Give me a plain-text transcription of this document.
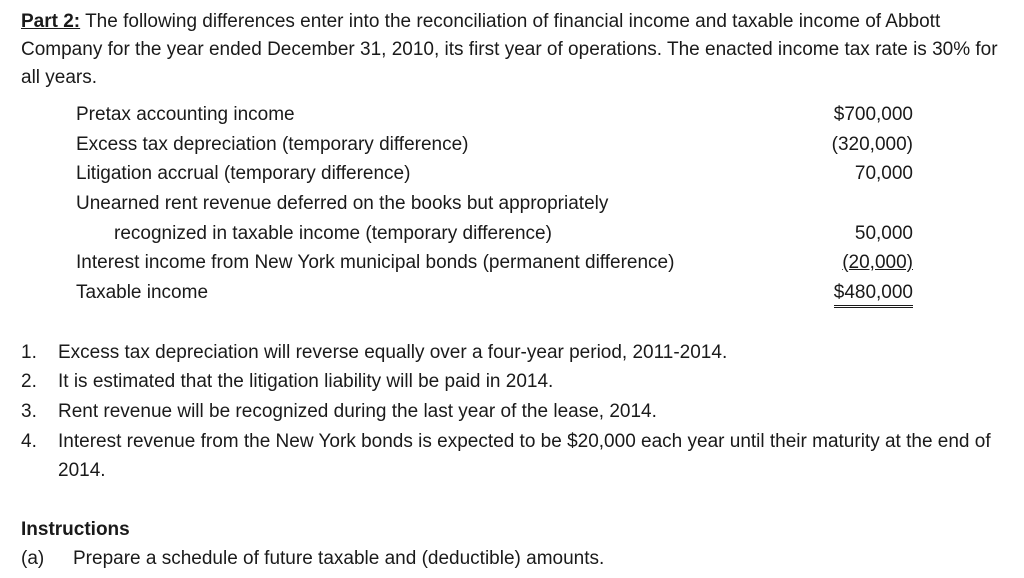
Part 2: The following differences enter into the reconciliation of financial income and taxable income of Abbott Company for the year ended December 31, 2010, its first year of operations. The enacted income tax rate is 30% for all years.
Pretax accounting income	$700,000
Excess tax depreciation (temporary difference)	(320,000)
Litigation accrual (temporary difference)	70,000
Unearned rent revenue deferred on the books but appropriately
recognized in taxable income (temporary difference)	50,000
Interest income from New York municipal bonds (permanent difference)	(20,000)
Taxable income	$480,000
1. Excess tax depreciation will reverse equally over a four-year period, 2011-2014.
2. It is estimated that the litigation liability will be paid in 2014.
3. Rent revenue will be recognized during the last year of the lease, 2014.
4. Interest revenue from the New York bonds is expected to be $20,000 each year until their maturity at the end of 2014.
Instructions
(a) Prepare a schedule of future taxable and (deductible) amounts.
